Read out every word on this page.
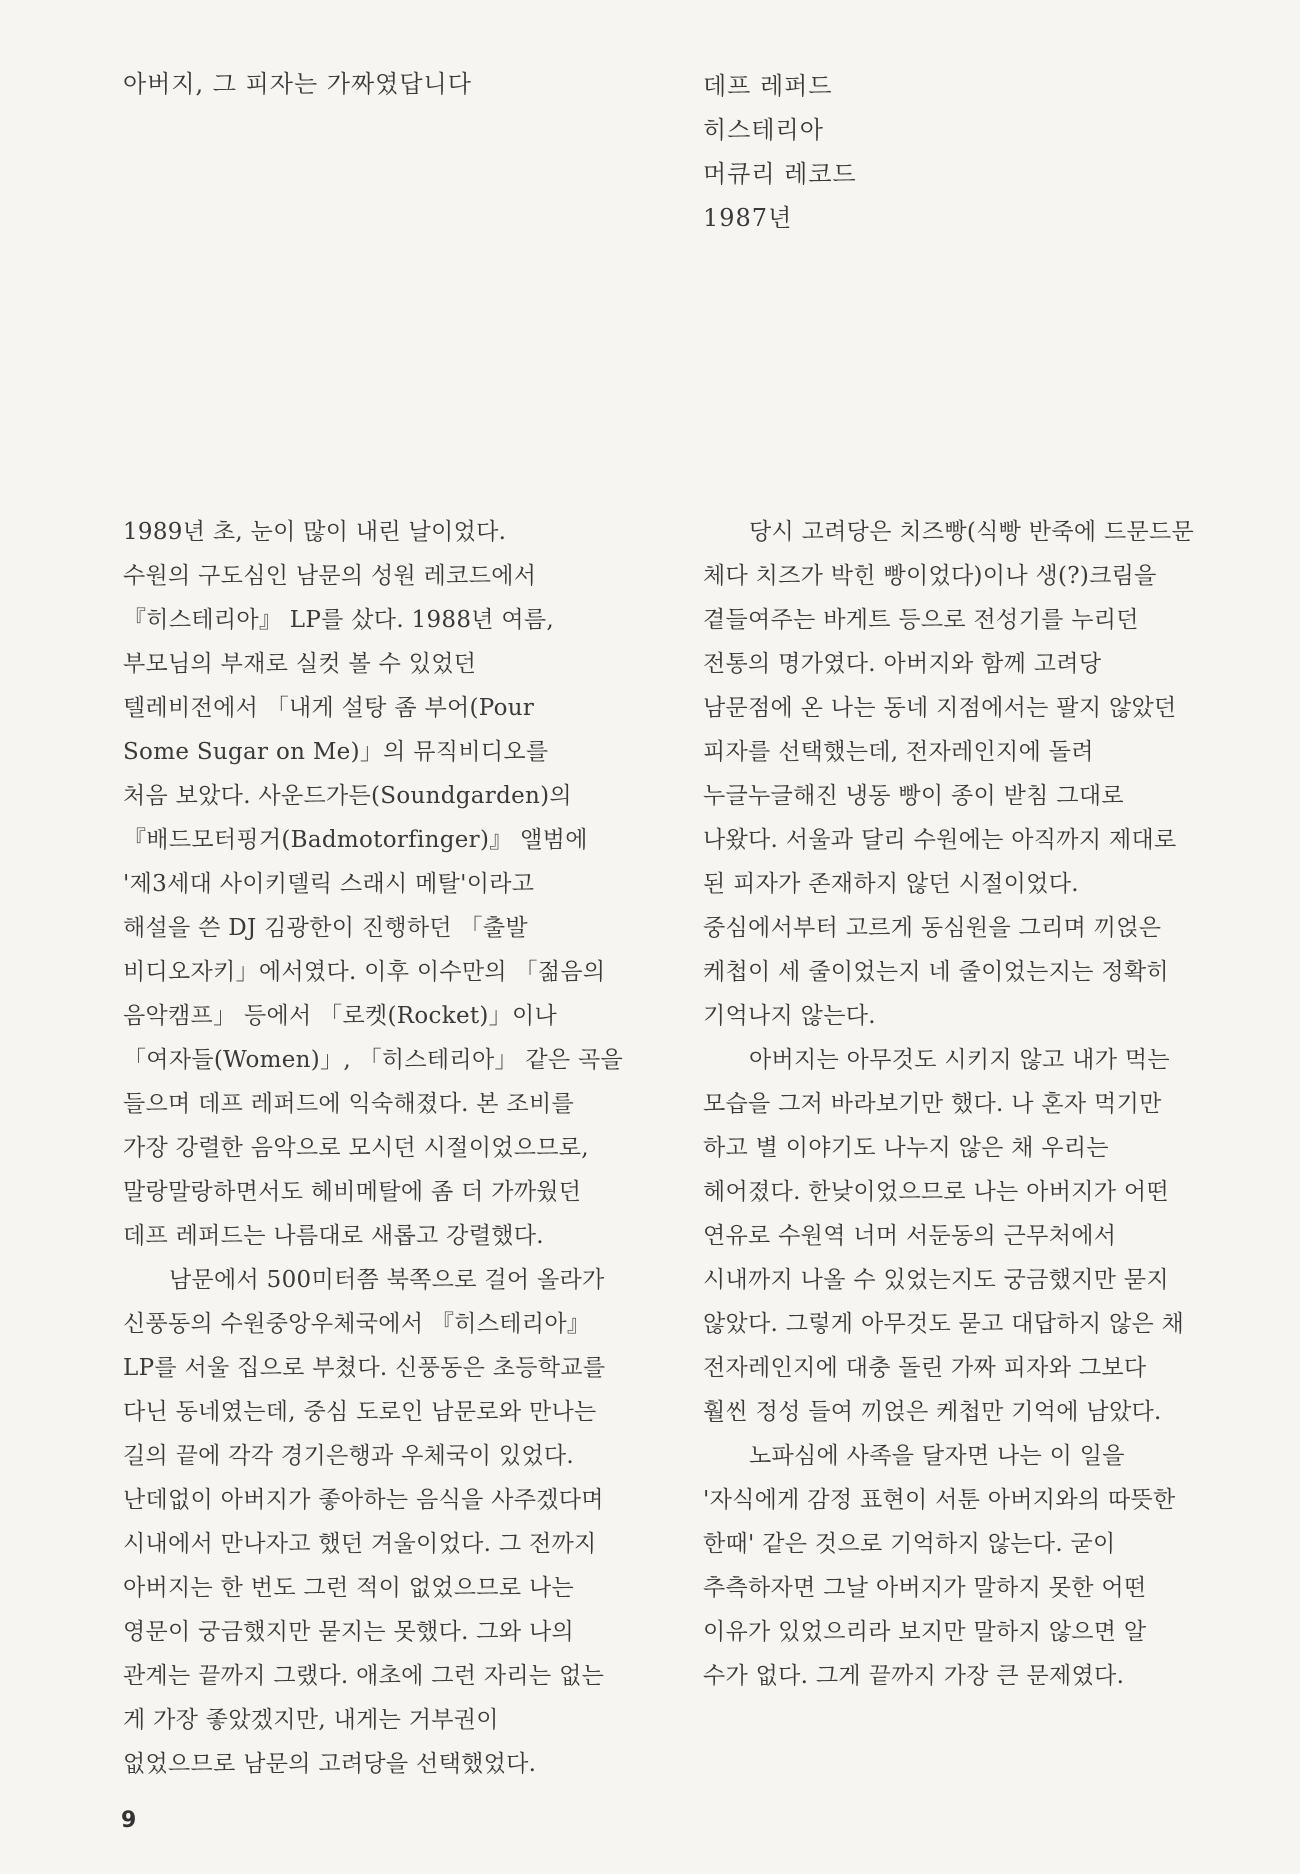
아버지, 그 피자는 가짜였답니다	데프 레퍼드
히스테리아
머큐리 레코드
1987년

1989년 초, 눈이 많이 내린 날이었다.
수원의 구도심인 남문의 성원 레코드에서
『히스테리아』 LP를 샀다. 1988년 여름,
부모님의 부재로 실컷 볼 수 있었던
텔레비전에서 「내게 설탕 좀 부어(Pour
Some Sugar on Me)」의 뮤직비디오를
처음 보았다. 사운드가든(Soundgarden)의
『배드모터핑거(Badmotorfinger)』 앨범에
'제3세대 사이키델릭 스래시 메탈'이라고
해설을 쓴 DJ 김광한이 진행하던 「출발
비디오자키」에서였다. 이후 이수만의 「젊음의
음악캠프」 등에서 「로켓(Rocket)」이나
「여자들(Women)」, 「히스테리아」 같은 곡을
들으며 데프 레퍼드에 익숙해졌다. 본 조비를
가장 강렬한 음악으로 모시던 시절이었으므로,
말랑말랑하면서도 헤비메탈에 좀 더 가까웠던
데프 레퍼드는 나름대로 새롭고 강렬했다.

남문에서 500미터쯤 북쪽으로 걸어 올라가
신풍동의 수원중앙우체국에서 『히스테리아』
LP를 서울 집으로 부쳤다. 신풍동은 초등학교를
다닌 동네였는데, 중심 도로인 남문로와 만나는
길의 끝에 각각 경기은행과 우체국이 있었다.
난데없이 아버지가 좋아하는 음식을 사주겠다며
시내에서 만나자고 했던 겨울이었다. 그 전까지
아버지는 한 번도 그런 적이 없었으므로 나는
영문이 궁금했지만 묻지는 못했다. 그와 나의
관계는 끝까지 그랬다. 애초에 그런 자리는 없는
게 가장 좋았겠지만, 내게는 거부권이
없었으므로 남문의 고려당을 선택했었다.

당시 고려당은 치즈빵(식빵 반죽에 드문드문
체다 치즈가 박힌 빵이었다)이나 생(?)크림을
곁들여주는 바게트 등으로 전성기를 누리던
전통의 명가였다. 아버지와 함께 고려당
남문점에 온 나는 동네 지점에서는 팔지 않았던
피자를 선택했는데, 전자레인지에 돌려
누글누글해진 냉동 빵이 종이 받침 그대로
나왔다. 서울과 달리 수원에는 아직까지 제대로
된 피자가 존재하지 않던 시절이었다.
중심에서부터 고르게 동심원을 그리며 끼얹은
케첩이 세 줄이었는지 네 줄이었는지는 정확히
기억나지 않는다.

아버지는 아무것도 시키지 않고 내가 먹는
모습을 그저 바라보기만 했다. 나 혼자 먹기만
하고 별 이야기도 나누지 않은 채 우리는
헤어졌다. 한낮이었으므로 나는 아버지가 어떤
연유로 수원역 너머 서둔동의 근무처에서
시내까지 나올 수 있었는지도 궁금했지만 묻지
않았다. 그렇게 아무것도 묻고 대답하지 않은 채
전자레인지에 대충 돌린 가짜 피자와 그보다
훨씬 정성 들여 끼얹은 케첩만 기억에 남았다.

노파심에 사족을 달자면 나는 이 일을
'자식에게 감정 표현이 서툰 아버지와의 따뜻한
한때' 같은 것으로 기억하지 않는다. 굳이
추측하자면 그날 아버지가 말하지 못한 어떤
이유가 있었으리라 보지만 말하지 않으면 알
수가 없다. 그게 끝까지 가장 큰 문제였다.

9
